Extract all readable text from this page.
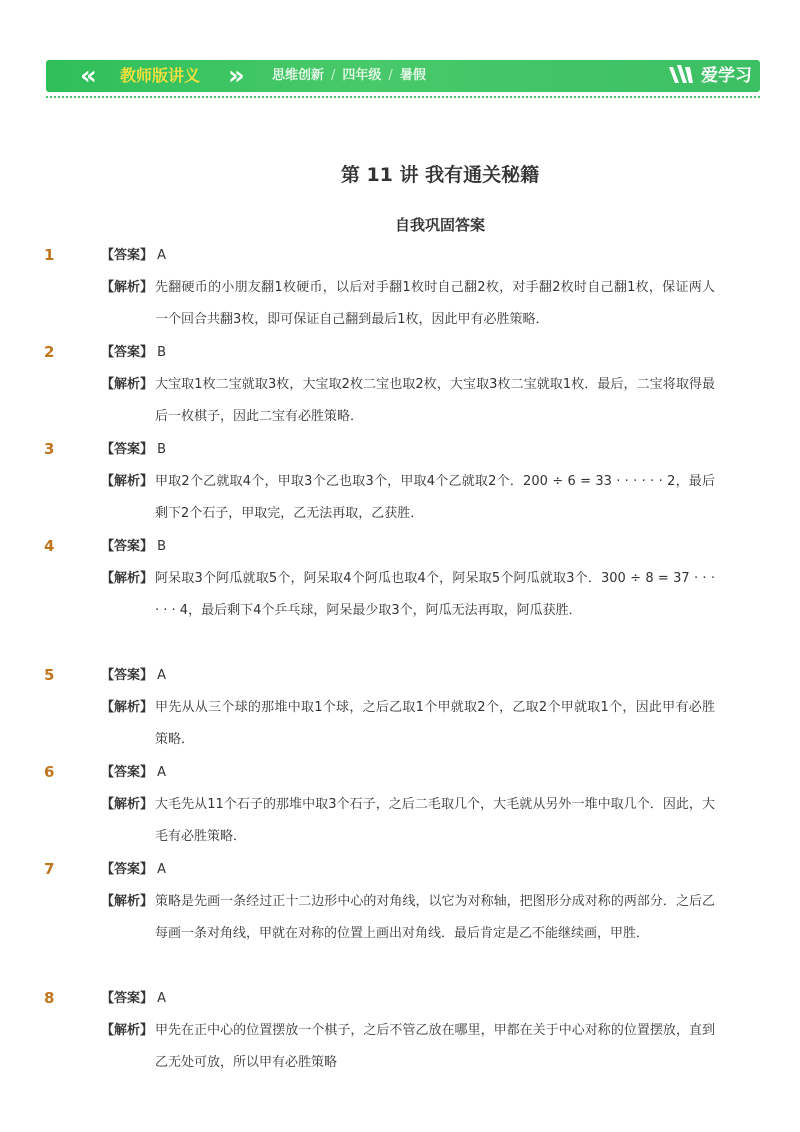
« 教师版讲义 »	思维创新 / 四年级 / 暑假	爱学习
第 11 讲 我有通关秘籍
自我巩固答案
1	【答案】 A
【解析】 先翻硬币的小朋友翻1枚硬币，以后对手翻1枚时自己翻2枚，对手翻2枚时自己翻1枚，保证两人一个回合共翻3枚，即可保证自己翻到最后1枚，因此甲有必胜策略．
2	【答案】 B
【解析】 大宝取1枚二宝就取3枚，大宝取2枚二宝也取2枚，大宝取3枚二宝就取1枚．最后，二宝将取得最后一枚棋子，因此二宝有必胜策略．
3	【答案】 B
【解析】 甲取2个乙就取4个，甲取3个乙也取3个，甲取4个乙就取2个．200 ÷ 6 = 33 · · · · · · 2，最后剩下2个石子，甲取完，乙无法再取，乙获胜．
4	【答案】 B
【解析】 阿呆取3个阿瓜就取5个，阿呆取4个阿瓜也取4个，阿呆取5个阿瓜就取3个．300 ÷ 8 = 37 · · · · · · 4，最后剩下4个乒乓球，阿呆最少取3个，阿瓜无法再取，阿瓜获胜．
5	【答案】 A
【解析】 甲先从从三个球的那堆中取1个球，之后乙取1个甲就取2个，乙取2个甲就取1个，因此甲有必胜策略．
6	【答案】 A
【解析】 大毛先从11个石子的那堆中取3个石子，之后二毛取几个，大毛就从另外一堆中取几个．因此，大毛有必胜策略．
7	【答案】 A
【解析】 策略是先画一条经过正十二边形中心的对角线，以它为对称轴，把图形分成对称的两部分．之后乙每画一条对角线，甲就在对称的位置上画出对角线．最后肯定是乙不能继续画，甲胜．
8	【答案】 A
【解析】 甲先在正中心的位置摆放一个棋子，之后不管乙放在哪里，甲都在关于中心对称的位置摆放，直到乙无处可放，所以甲有必胜策略
